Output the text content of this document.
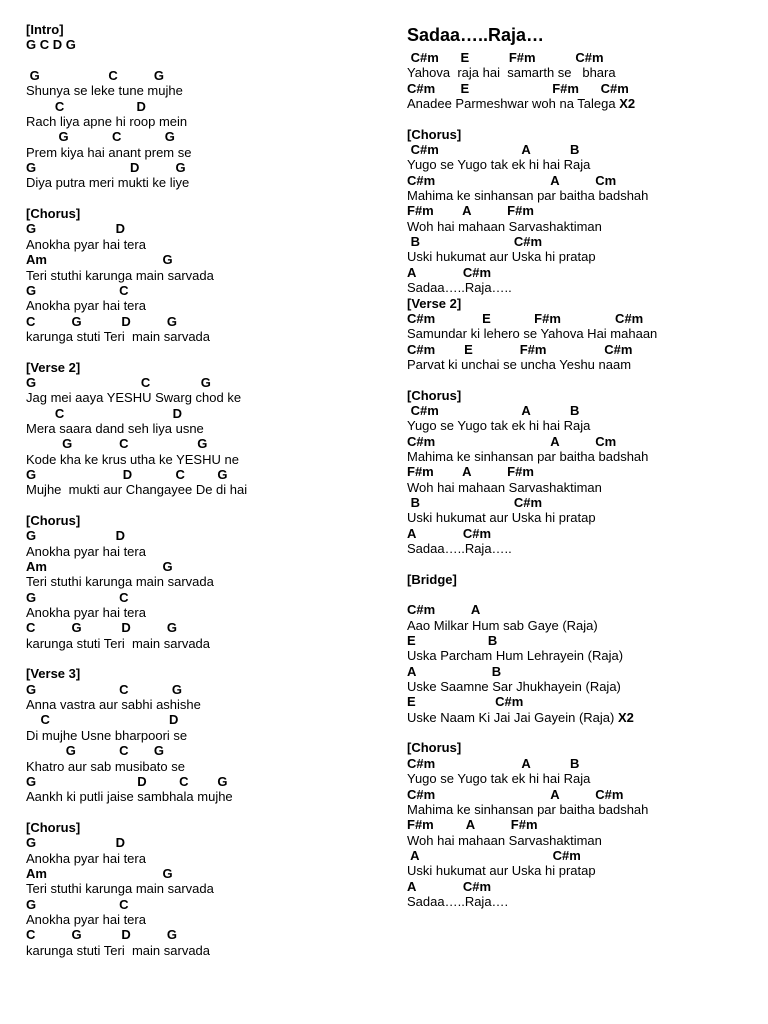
[Intro]
G C D G
G                   C          G
Shunya se leke tune mujhe
C                    D
Rach liya apne hi roop mein
G            C            G
Prem kiya hai anant prem se
G                          D          G
Diya putra meri mukti ke liye
[Chorus]
G                      D
Anokha pyar hai tera
Am                                G
Teri stuthi karunga main sarvada
G                       C
Anokha pyar hai tera
C          G           D          G
karunga stuti Teri  main sarvada
[Verse 2]
G                             C              G
Jag mei aaya YESHU Swarg chod ke
C                              D
Mera saara dand seh liya usne
G             C                   G
Kode kha ke krus utha ke YESHU ne
G                        D            C         G
Mujhe  mukti aur Changayee De di hai
[Chorus]
G                      D
Anokha pyar hai tera
Am                                G
Teri stuthi karunga main sarvada
G                       C
Anokha pyar hai tera
C          G           D          G
karunga stuti Teri  main sarvada
[Verse 3]
G                       C            G
Anna vastra aur sabhi ashishe
C                                 D
Di mujhe Usne bharpoori se
G            C       G
Khatro aur sab musibato se
G                            D         C        G
Aankh ki putli jaise sambhala mujhe
[Chorus]
G                      D
Anokha pyar hai tera
Am                                G
Teri stuthi karunga main sarvada
G                       C
Anokha pyar hai tera
C          G           D          G
karunga stuti Teri  main sarvada
Sadaa…..Raja…
C#m      E           F#m           C#m
Yahova  raja hai  samarth se   bhara
C#m       E                       F#m      C#m
Anadee Parmeshwar woh na Talega X2
[Chorus]
C#m                       A           B
Yugo se Yugo tak ek hi hai Raja
C#m                                A          Cm
Mahima ke sinhansan par baitha badshah
F#m        A          F#m
Woh hai mahaan Sarvashaktiman
B                          C#m
Uski hukumat aur Uska hi pratap
A             C#m
Sadaa…..Raja…..
[Verse 2]
C#m             E            F#m               C#m
Samundar ki lehero se Yahova Hai mahaan
C#m        E             F#m                C#m
Parvat ki unchai se uncha Yeshu naam
[Chorus]
C#m                       A           B
Yugo se Yugo tak ek hi hai Raja
C#m                                A          Cm
Mahima ke sinhansan par baitha badshah
F#m        A          F#m
Woh hai mahaan Sarvashaktiman
B                          C#m
Uski hukumat aur Uska hi pratap
A             C#m
Sadaa…..Raja…..
[Bridge]
C#m          A
Aao Milkar Hum sab Gaye (Raja)
E                    B
Uska Parcham Hum Lehrayein (Raja)
A                     B
Uske Saamne Sar Jhukhayein (Raja)
E                      C#m
Uske Naam Ki Jai Jai Gayein (Raja) X2
[Chorus]
C#m                        A           B
Yugo se Yugo tak ek hi hai Raja
C#m                                A          C#m
Mahima ke sinhansan par baitha badshah
F#m         A          F#m
Woh hai mahaan Sarvashaktiman
A                                     C#m
Uski hukumat aur Uska hi pratap
A             C#m
Sadaa…..Raja….
